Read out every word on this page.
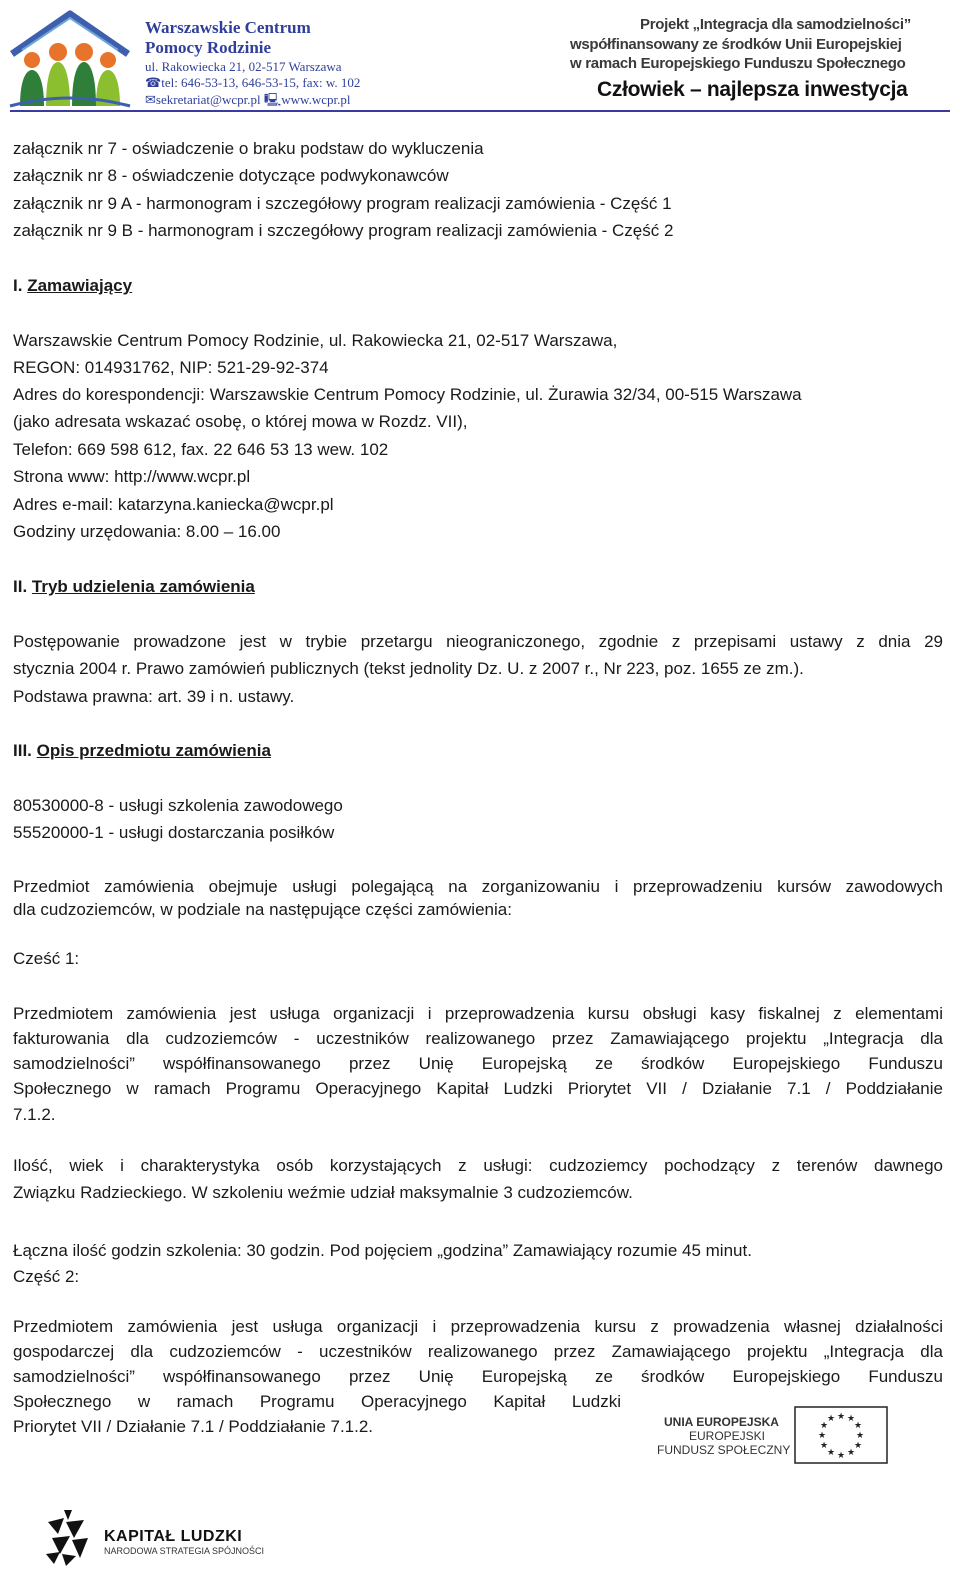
Warszawskie Centrum
Pomocy Rodzinie
ul. Rakowiecka 21, 02-517 Warszawa
☎tel: 646-53-13, 646-53-15, fax: w. 102
✉sekretariat@wcpr.pl 🖳www.wcpr.pl
Projekt „Integracja dla samodzielności”
współfinansowany ze środków Unii Europejskiej
w ramach Europejskiego Funduszu Społecznego
Człowiek – najlepsza inwestycja
załącznik nr 7 - oświadczenie o braku podstaw do wykluczenia
załącznik nr 8 - oświadczenie dotyczące podwykonawców
załącznik nr 9 A - harmonogram i szczegółowy program realizacji zamówienia - Część 1
załącznik nr 9 B - harmonogram i szczegółowy program realizacji zamówienia - Część 2
I. Zamawiający
Warszawskie Centrum Pomocy Rodzinie, ul. Rakowiecka 21, 02-517 Warszawa,
REGON: 014931762, NIP: 521-29-92-374
Adres do korespondencji: Warszawskie Centrum Pomocy Rodzinie, ul. Żurawia 32/34, 00-515 Warszawa
(jako adresata wskazać osobę, o której mowa w Rozdz. VII),
Telefon: 669 598 612, fax. 22 646 53 13 wew. 102
Strona www: http://www.wcpr.pl
Adres e-mail: katarzyna.kaniecka@wcpr.pl
Godziny urzędowania: 8.00 – 16.00
II. Tryb udzielenia zamówienia
Postępowanie prowadzone jest w trybie przetargu nieograniczonego, zgodnie z przepisami ustawy z dnia 29
stycznia 2004 r. Prawo zamówień publicznych (tekst jednolity Dz. U. z 2007 r., Nr 223, poz. 1655 ze zm.).
Podstawa prawna: art. 39 i n. ustawy.
III. Opis przedmiotu zamówienia
80530000-8 - usługi szkolenia zawodowego
55520000-1 - usługi dostarczania posiłków
Przedmiot zamówienia obejmuje usługi polegającą na zorganizowaniu i przeprowadzeniu kursów zawodowych
dla cudzoziemców, w podziale na następujące części zamówienia:
Cześć 1:
Przedmiotem zamówienia jest usługa organizacji i przeprowadzenia kursu obsługi kasy fiskalnej z elementami
fakturowania dla cudzoziemców - uczestników realizowanego przez Zamawiającego projektu „Integracja dla
samodzielności” współfinansowanego przez Unię Europejską ze środków Europejskiego Funduszu
Społecznego w ramach Programu Operacyjnego Kapitał Ludzki Priorytet VII / Działanie 7.1 / Poddziałanie
7.1.2.
Ilość, wiek i charakterystyka osób korzystających z usługi: cudzoziemcy pochodzący z terenów dawnego
Związku Radzieckiego. W szkoleniu weźmie udział maksymalnie 3 cudzoziemców.
Łączna ilość godzin szkolenia: 30 godzin. Pod pojęciem „godzina” Zamawiający rozumie 45 minut.
Część 2:
Przedmiotem zamówienia jest usługa organizacji i przeprowadzenia kursu z prowadzenia własnej działalności
gospodarczej dla cudzoziemców - uczestników realizowanego przez Zamawiającego projektu „Integracja dla
samodzielności” współfinansowanego przez Unię Europejską ze środków Europejskiego Funduszu
Społecznego w ramach Programu Operacyjnego Kapitał Ludzki
Priorytet VII / Działanie 7.1 / Poddziałanie 7.1.2.	UNIA EUROPEJSKA
EUROPEJSKI
FUNDUSZ SPOŁECZNY
★ ★
★
★
★
★
★
★
★
★
★
★
KAPITAŁ LUDZKI
NARODOWA STRATEGIA SPÓJNOŚCI
